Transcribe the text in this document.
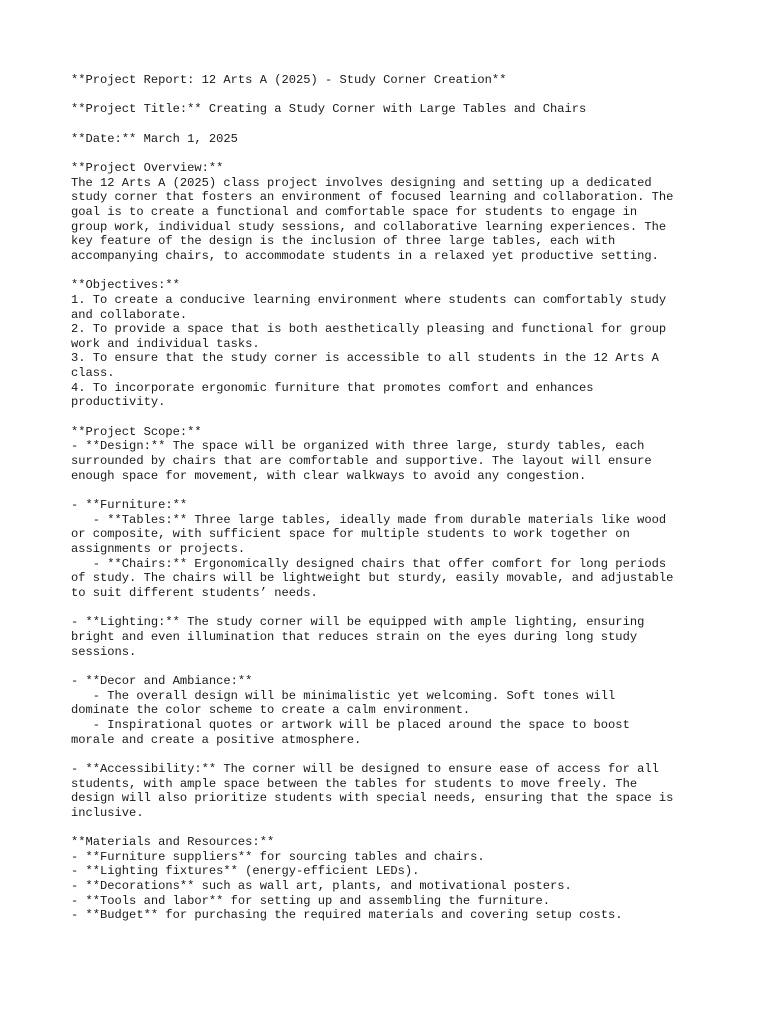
**Project Report: 12 Arts A (2025) - Study Corner Creation**

**Project Title:** Creating a Study Corner with Large Tables and Chairs

**Date:** March 1, 2025

**Project Overview:**
The 12 Arts A (2025) class project involves designing and setting up a dedicated
study corner that fosters an environment of focused learning and collaboration. The
goal is to create a functional and comfortable space for students to engage in
group work, individual study sessions, and collaborative learning experiences. The
key feature of the design is the inclusion of three large tables, each with
accompanying chairs, to accommodate students in a relaxed yet productive setting.

**Objectives:**
1. To create a conducive learning environment where students can comfortably study
and collaborate.
2. To provide a space that is both aesthetically pleasing and functional for group
work and individual tasks.
3. To ensure that the study corner is accessible to all students in the 12 Arts A
class.
4. To incorporate ergonomic furniture that promotes comfort and enhances
productivity.

**Project Scope:**
- **Design:** The space will be organized with three large, sturdy tables, each
surrounded by chairs that are comfortable and supportive. The layout will ensure
enough space for movement, with clear walkways to avoid any congestion.

- **Furniture:**
- **Tables:** Three large tables, ideally made from durable materials like wood
or composite, with sufficient space for multiple students to work together on
assignments or projects.
- **Chairs:** Ergonomically designed chairs that offer comfort for long periods
of study. The chairs will be lightweight but sturdy, easily movable, and adjustable
to suit different students’ needs.

- **Lighting:** The study corner will be equipped with ample lighting, ensuring
bright and even illumination that reduces strain on the eyes during long study
sessions.

- **Decor and Ambiance:**
- The overall design will be minimalistic yet welcoming. Soft tones will
dominate the color scheme to create a calm environment.
- Inspirational quotes or artwork will be placed around the space to boost
morale and create a positive atmosphere.

- **Accessibility:** The corner will be designed to ensure ease of access for all
students, with ample space between the tables for students to move freely. The
design will also prioritize students with special needs, ensuring that the space is
inclusive.

**Materials and Resources:**
- **Furniture suppliers** for sourcing tables and chairs.
- **Lighting fixtures** (energy-efficient LEDs).
- **Decorations** such as wall art, plants, and motivational posters.
- **Tools and labor** for setting up and assembling the furniture.
- **Budget** for purchasing the required materials and covering setup costs.
